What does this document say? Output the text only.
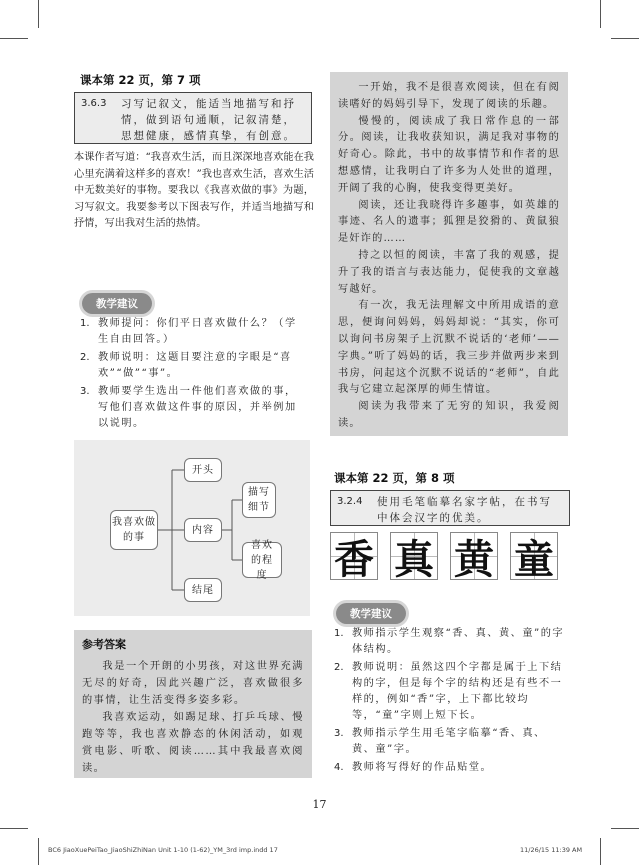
课本第 22 页，第 7 项
3.6.3	习写记叙文，能适当地描写和抒情，做到语句通顺，记叙清楚，思想健康，感情真挚，有创意。
本课作者写道：“我喜欢生活，而且深深地喜欢能在我心里充满着这样多的喜欢！”我也喜欢生活，喜欢生活中无数美好的事物。要我以《我喜欢做的事》为题，习写叙文。我要参考以下图表写作，并适当地描写和抒情，写出我对生活的热情。
教学建议
1. 教师提问：你们平日喜欢做什么？（学生自由回答。）
2. 教师说明：这题目要注意的字眼是“喜欢”“做”“事”。
3. 教师要学生选出一件他们喜欢做的事，写他们喜欢做这件事的原因，并举例加以说明。
我喜欢做的事
开头
内容
结尾
描写细节
喜欢的程度
参考答案

我是一个开朗的小男孩，对这世界充满无尽的好奇，因此兴趣广泛，喜欢做很多的事情，让生活变得多姿多彩。

我喜欢运动，如踢足球、打乒乓球、慢跑等等，我也喜欢静态的休闲活动，如观赏电影、听歌、阅读……其中我最喜欢阅读。

一开始，我不是很喜欢阅读，但在有阅读嗜好的妈妈引导下，发现了阅读的乐趣。

慢慢的，阅读成了我日常作息的一部分。阅读，让我收获知识，满足我对事物的好奇心。除此，书中的故事情节和作者的思想感情，让我明白了许多为人处世的道理，开阔了我的心胸，使我变得更美好。

阅读，还让我晓得许多趣事，如英雄的事迹、名人的遗事；狐狸是狡猾的、黄鼠狼是奸诈的……

持之以恒的阅读，丰富了我的观感，提升了我的语言与表达能力，促使我的文章越写越好。

有一次，我无法理解文中所用成语的意思，便询问妈妈，妈妈却说：“其实，你可以询问书房架子上沉默不说话的‘老师’——字典。”听了妈妈的话，我三步并做两步来到书房，问起这个沉默不说话的“老师”，自此我与它建立起深厚的师生情谊。

阅读为我带来了无穷的知识，我爱阅读。

课本第 22 页，第 8 项
3.2.4	使用毛笔临摹名家字帖，在书写中体会汉字的优美。
香 真 黄 童
教学建议
1. 教师指示学生观察“香、真、黄、童”的字体结构。
2. 教师说明：虽然这四个字都是属于上下结构的字，但是每个字的结构还是有些不一样的，例如“香”字，上下都比较均等，“童”字则上短下长。
3. 教师指示学生用毛笔字临摹“香、真、黄、童”字。
4. 教师将写得好的作品贴堂。
17
BC6 JiaoXuePeiTao_JiaoShiZhiNan Unit 1-10 (1-62)_YM_3rd imp.indd 17	11/26/15 11:39 AM
